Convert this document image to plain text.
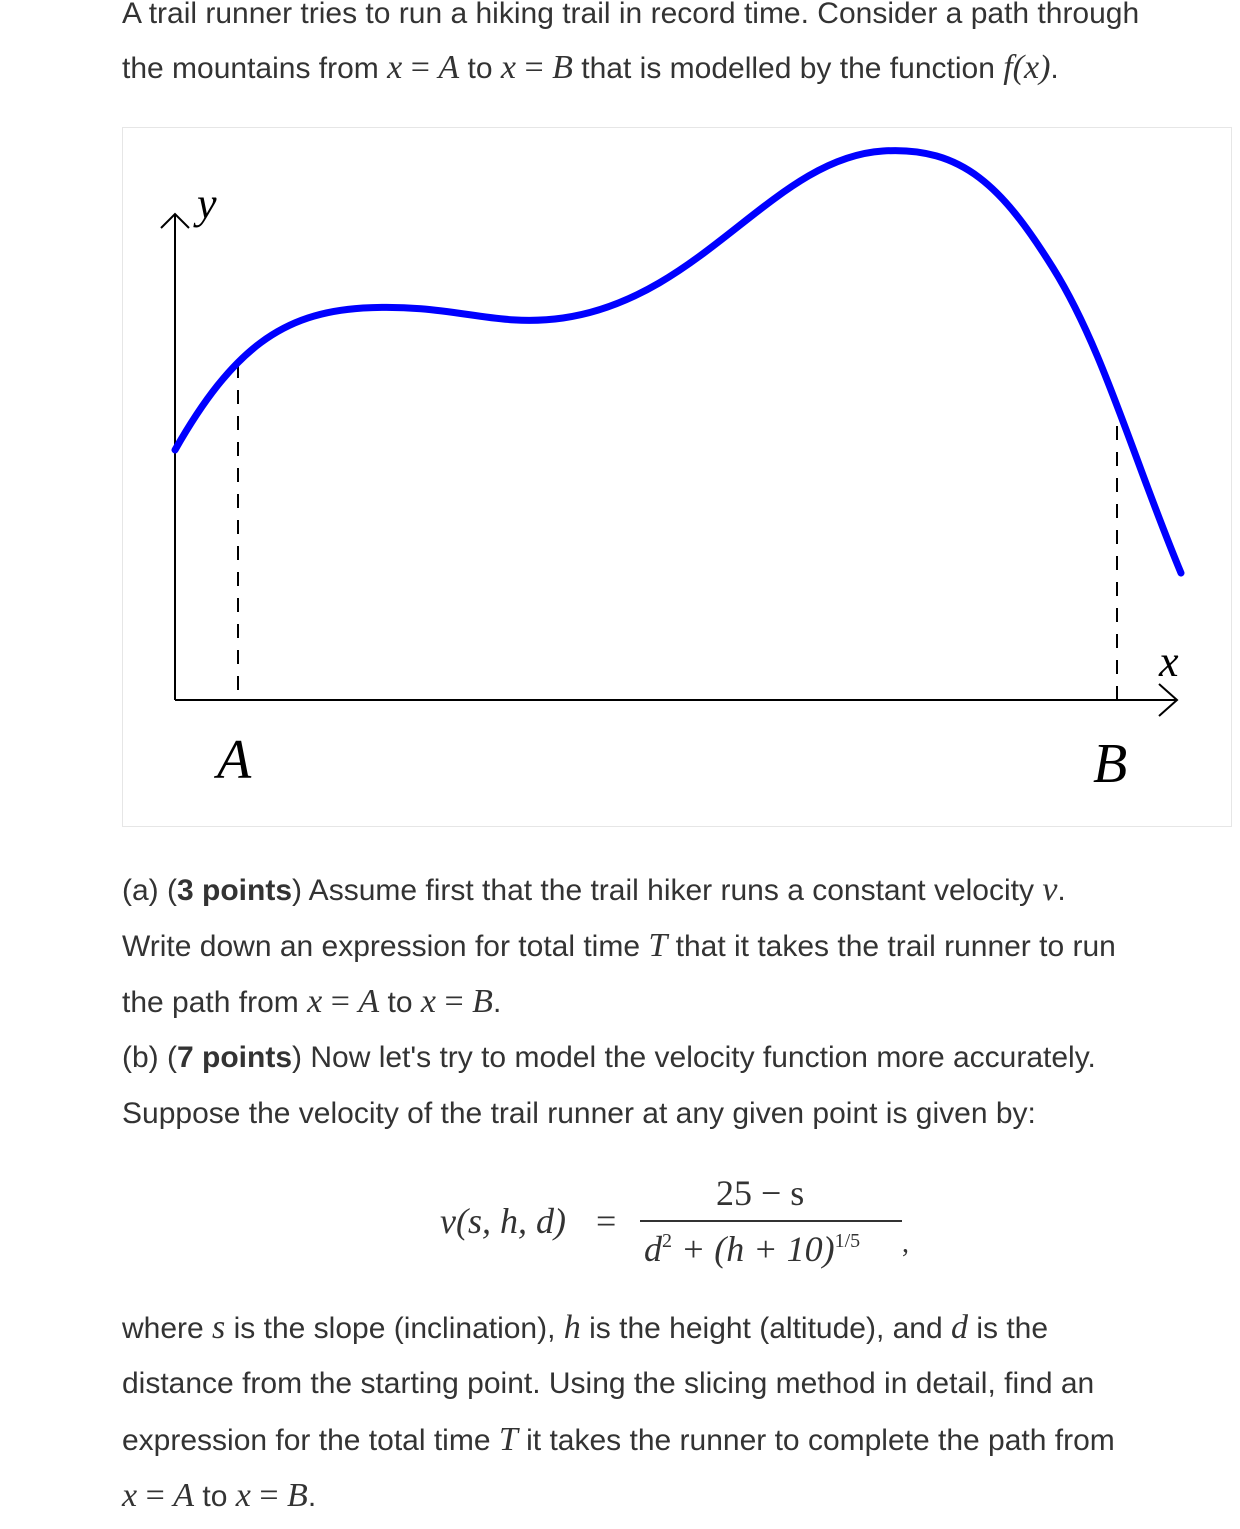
A trail runner tries to run a hiking trail in record time. Consider a path through
the mountains from x = A to x = B that is modelled by the function f(x).
y
x
A	B
(a) (3 points) Assume first that the trail hiker runs a constant velocity v.
Write down an expression for total time T that it takes the trail runner to run
the path from x = A to x = B.
(b) (7 points) Now let's try to model the velocity function more accurately.
Suppose the velocity of the trail runner at any given point is given by:
v(s, h, d) =
25 − s
$d^2 + (h + 10)^{1/5}$ ,
where s is the slope (inclination), h is the height (altitude), and d is the
distance from the starting point. Using the slicing method in detail, find an
expression for the total time T it takes the runner to complete the path from
x = A to x = B.
